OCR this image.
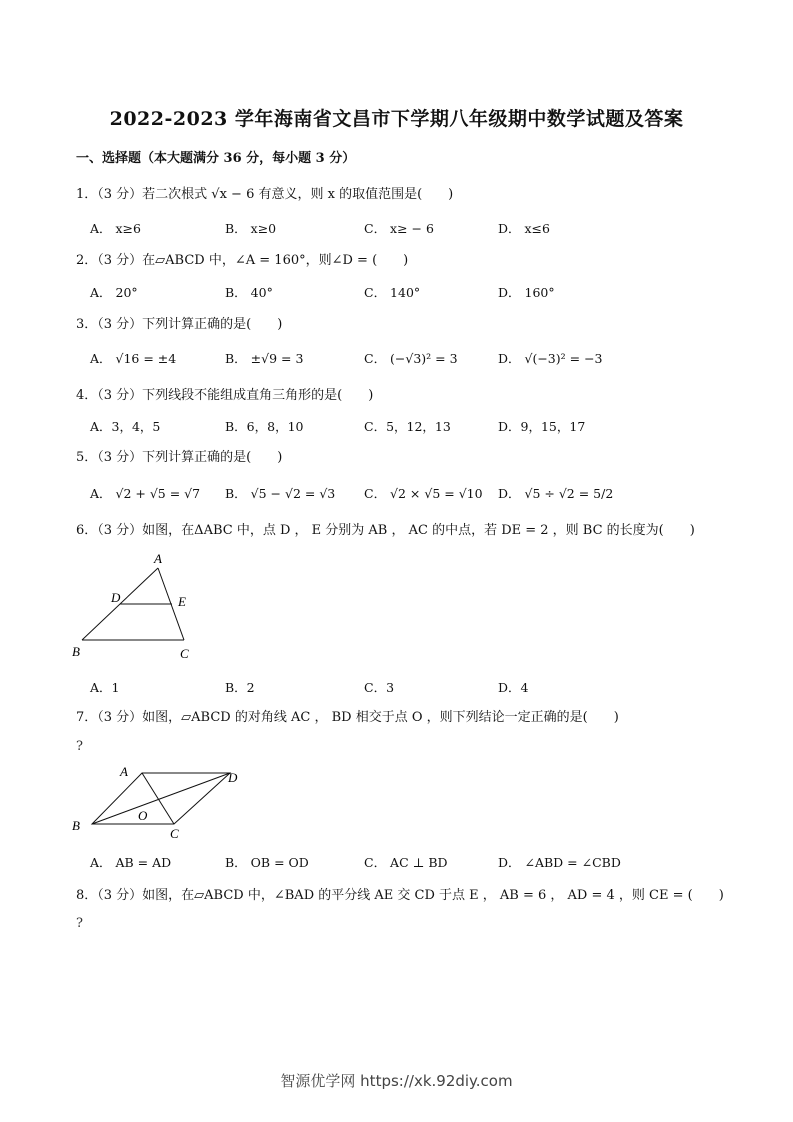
2022-2023 学年海南省文昌市下学期八年级期中数学试题及答案
一、选择题（本大题满分 36 分，每小题 3 分）
1．（3 分）若二次根式 √x − 6 有意义，则 x 的取值范围是(　　)
A． x≥6	B． x≥0	C． x≥ − 6	D． x≤6
2．（3 分）在▱ABCD 中，∠A = 160°，则∠D = (　　)
A． 20°	B． 40°	C． 140°	D． 160°
3．（3 分）下列计算正确的是(　　)
A． √16 = ±4	B． ±√9 = 3	C． (−√3)² = 3	D． √(−3)² = −3
4．（3 分）下列线段不能组成直角三角形的是(　　)
A．3，4，5	B．6，8，10	C．5，12，13	D．9，15，17
5．（3 分）下列计算正确的是(　　)
A． √2 + √5 = √7 B． √5 − √2 = √3 C． √2 × √5 = √10 D． √5 ÷ √2 = 5/2
6．（3 分）如图，在ΔABC 中，点 D ， E 分别为 AB ， AC 的中点，若 DE = 2 ，则 BC 的长度为(　　)
A
D	E
B	C
A．1	B．2	C．3	D．4
7．（3 分）如图，▱ABCD 的对角线 AC ， BD 相交于点 O ，则下列结论一定正确的是(　　)
?
A	D
O
B
C
A． AB = AD	B． OB = OD	C． AC ⊥ BD	D． ∠ABD = ∠CBD
8．（3 分）如图，在▱ABCD 中，∠BAD 的平分线 AE 交 CD 于点 E ， AB = 6 ， AD = 4 ，则 CE = (　　)
?
智源优学网 https://xk.92diy.com
